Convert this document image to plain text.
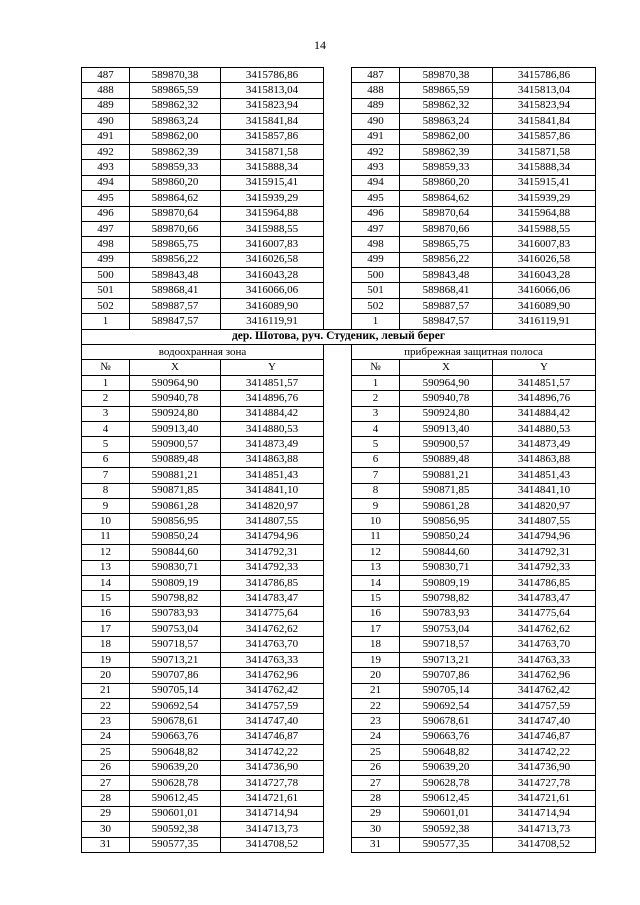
14
487	589870,38	3415786,86		487	589870,38	3415786,86
488	589865,59	3415813,04		488	589865,59	3415813,04
489	589862,32	3415823,94		489	589862,32	3415823,94
490	589863,24	3415841,84		490	589863,24	3415841,84
491	589862,00	3415857,86		491	589862,00	3415857,86
492	589862,39	3415871,58		492	589862,39	3415871,58
493	589859,33	3415888,34		493	589859,33	3415888,34
494	589860,20	3415915,41		494	589860,20	3415915,41
495	589864,62	3415939,29		495	589864,62	3415939,29
496	589870,64	3415964,88		496	589870,64	3415964,88
497	589870,66	3415988,55		497	589870,66	3415988,55
498	589865,75	3416007,83		498	589865,75	3416007,83
499	589856,22	3416026,58		499	589856,22	3416026,58
500	589843,48	3416043,28		500	589843,48	3416043,28
501	589868,41	3416066,06		501	589868,41	3416066,06
502	589887,57	3416089,90		502	589887,57	3416089,90
1	589847,57	3416119,91		1	589847,57	3416119,91
дер. Шотова, руч. Студеник, левый берег						
водоохранная зона				прибрежная защитная полоса		
№	X	Y		№	X	Y
1	590964,90	3414851,57		1	590964,90	3414851,57
2	590940,78	3414896,76		2	590940,78	3414896,76
3	590924,80	3414884,42		3	590924,80	3414884,42
4	590913,40	3414880,53		4	590913,40	3414880,53
5	590900,57	3414873,49		5	590900,57	3414873,49
6	590889,48	3414863,88		6	590889,48	3414863,88
7	590881,21	3414851,43		7	590881,21	3414851,43
8	590871,85	3414841,10		8	590871,85	3414841,10
9	590861,28	3414820,97		9	590861,28	3414820,97
10	590856,95	3414807,55		10	590856,95	3414807,55
11	590850,24	3414794,96		11	590850,24	3414794,96
12	590844,60	3414792,31		12	590844,60	3414792,31
13	590830,71	3414792,33		13	590830,71	3414792,33
14	590809,19	3414786,85		14	590809,19	3414786,85
15	590798,82	3414783,47		15	590798,82	3414783,47
16	590783,93	3414775,64		16	590783,93	3414775,64
17	590753,04	3414762,62		17	590753,04	3414762,62
18	590718,57	3414763,70		18	590718,57	3414763,70
19	590713,21	3414763,33		19	590713,21	3414763,33
20	590707,86	3414762,96		20	590707,86	3414762,96
21	590705,14	3414762,42		21	590705,14	3414762,42
22	590692,54	3414757,59		22	590692,54	3414757,59
23	590678,61	3414747,40		23	590678,61	3414747,40
24	590663,76	3414746,87		24	590663,76	3414746,87
25	590648,82	3414742,22		25	590648,82	3414742,22
26	590639,20	3414736,90		26	590639,20	3414736,90
27	590628,78	3414727,78		27	590628,78	3414727,78
28	590612,45	3414721,61		28	590612,45	3414721,61
29	590601,01	3414714,94		29	590601,01	3414714,94
30	590592,38	3414713,73		30	590592,38	3414713,73
31	590577,35	3414708,52		31	590577,35	3414708,52
